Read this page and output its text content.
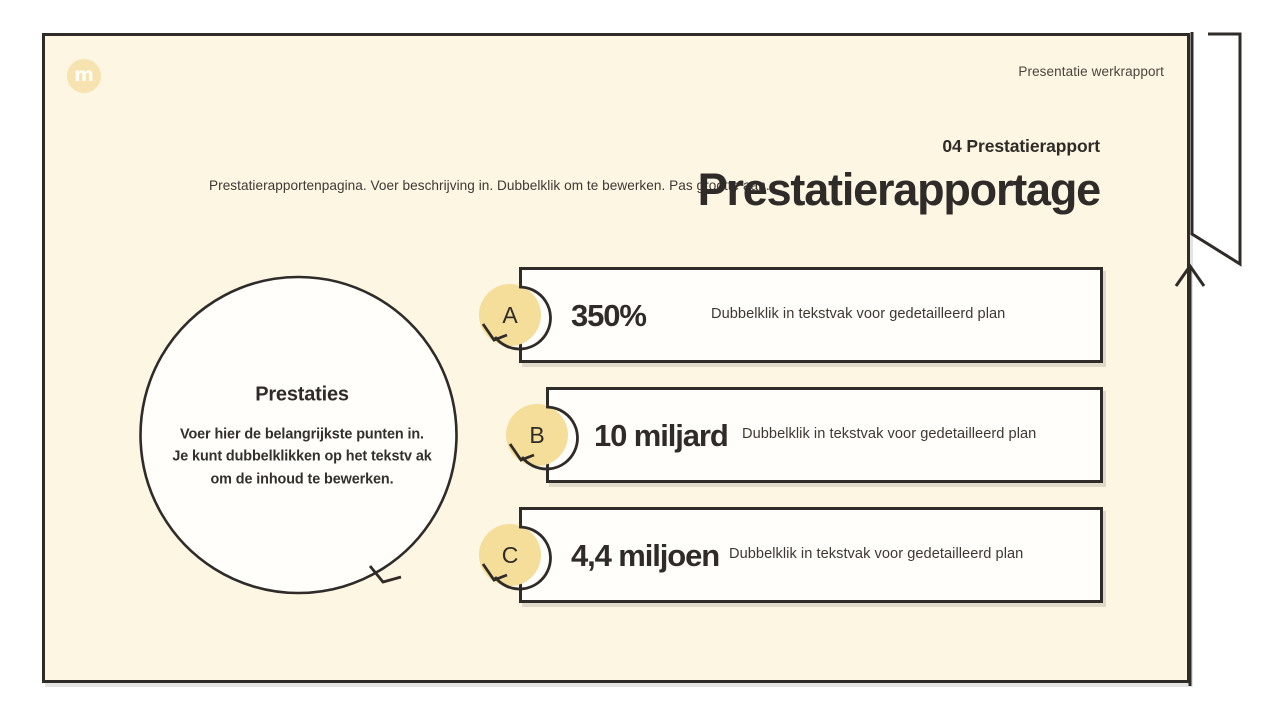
m	Presentatie werkrapport
04 Prestatierapport
Prestatierapportenpagina. Voer beschrijving in. Dubbelklik om te bewerken. Pas grootte aan.
Prestatierapportage
Prestaties
Voer hier de belangrijkste punten in. Je kunt dubbelklikken op het tekstv ak om de inhoud te bewerken.
350%	Dubbelklik in tekstvak voor gedetailleerd plan
A
10 miljard Dubbelklik in tekstvak voor gedetailleerd plan
B
4,4 miljoen Dubbelklik in tekstvak voor gedetailleerd plan
C
